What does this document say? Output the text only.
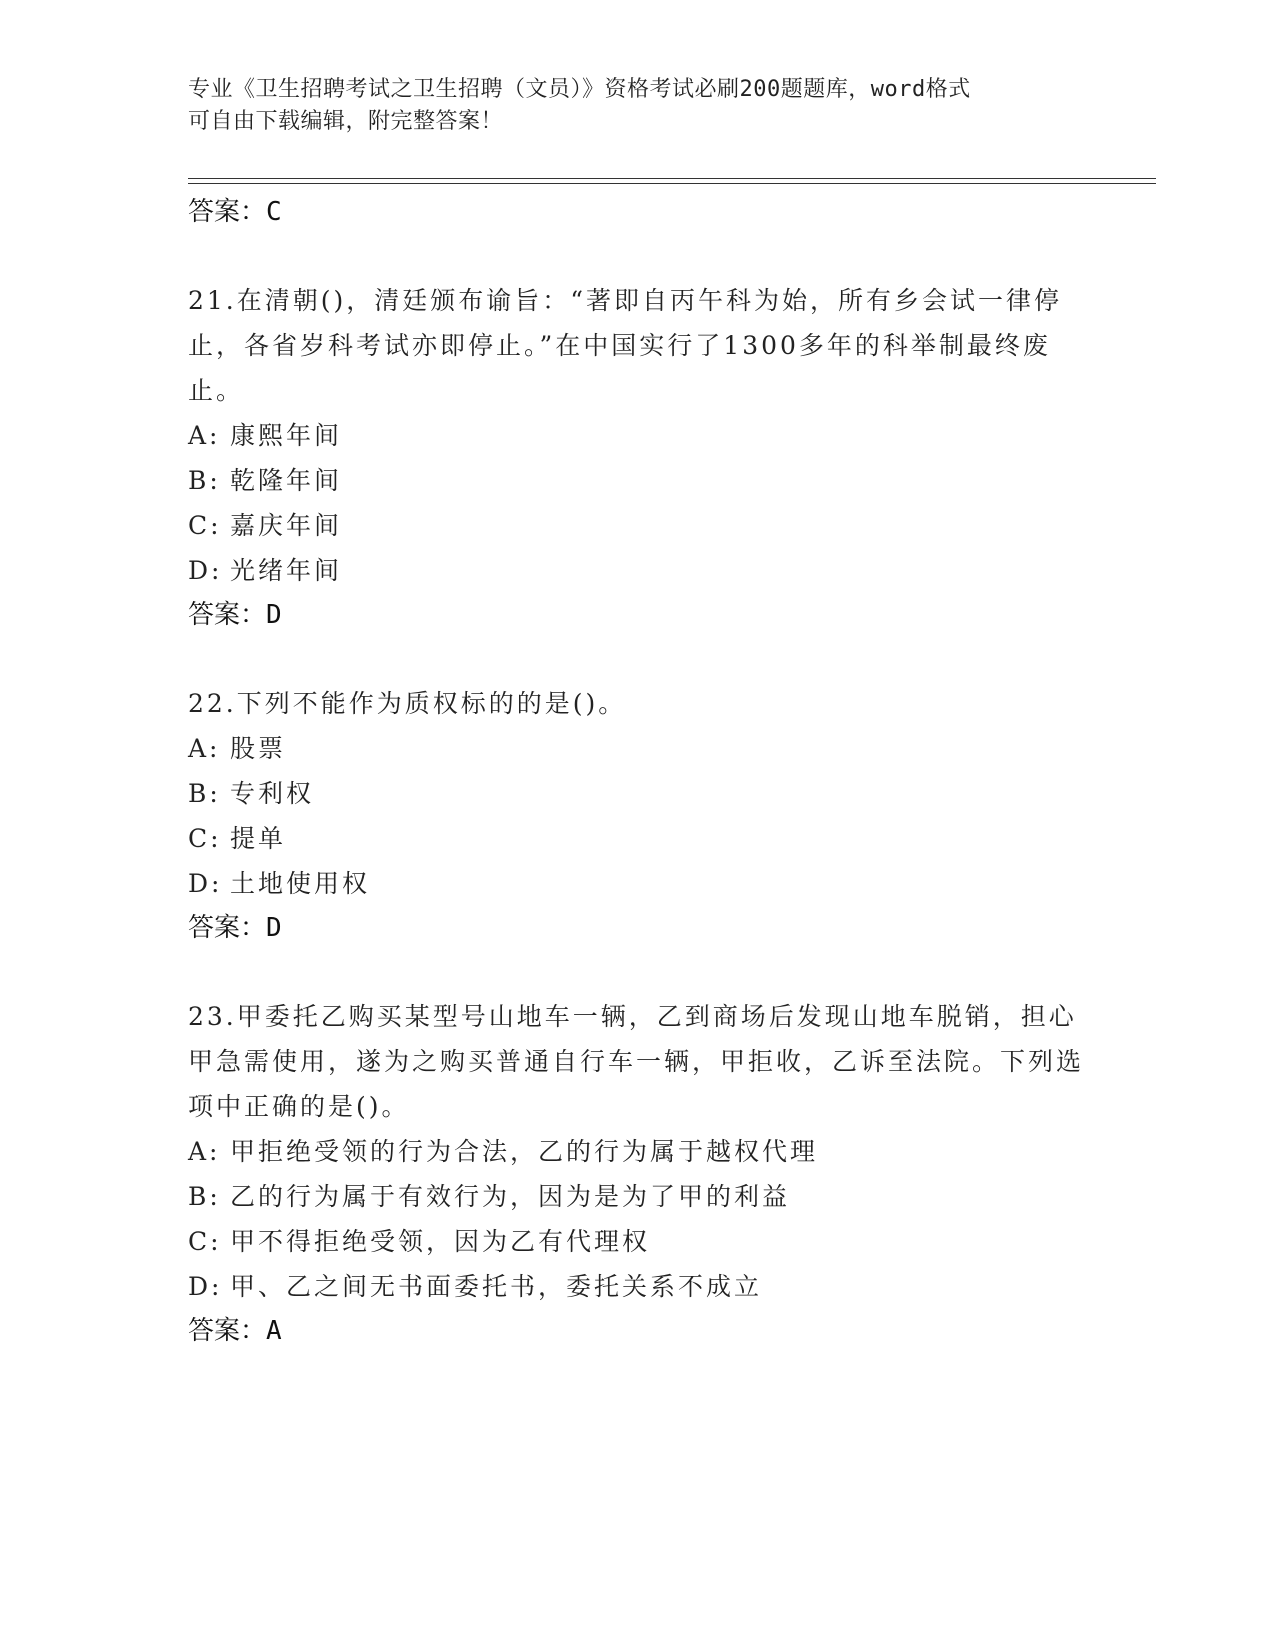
专业《卫生招聘考试之卫生招聘（文员）》资格考试必刷200题题库，word格式
可自由下载编辑，附完整答案！
答案：C

21.在清朝()，清廷颁布谕旨：“著即自丙午科为始，所有乡会试一律停止，各省岁科考试亦即停止。”在中国实行了1300多年的科举制最终废止。

A: 康熙年间
B: 乾隆年间
C: 嘉庆年间
D: 光绪年间
答案：D

22.下列不能作为质权标的的是()。

A: 股票
B: 专利权
C: 提单
D: 土地使用权
答案：D

23.甲委托乙购买某型号山地车一辆，乙到商场后发现山地车脱销，担心甲急需使用，遂为之购买普通自行车一辆，甲拒收，乙诉至法院。下列选项中正确的是()。

A: 甲拒绝受领的行为合法，乙的行为属于越权代理
B: 乙的行为属于有效行为，因为是为了甲的利益
C: 甲不得拒绝受领，因为乙有代理权
D: 甲、乙之间无书面委托书，委托关系不成立
答案：A
